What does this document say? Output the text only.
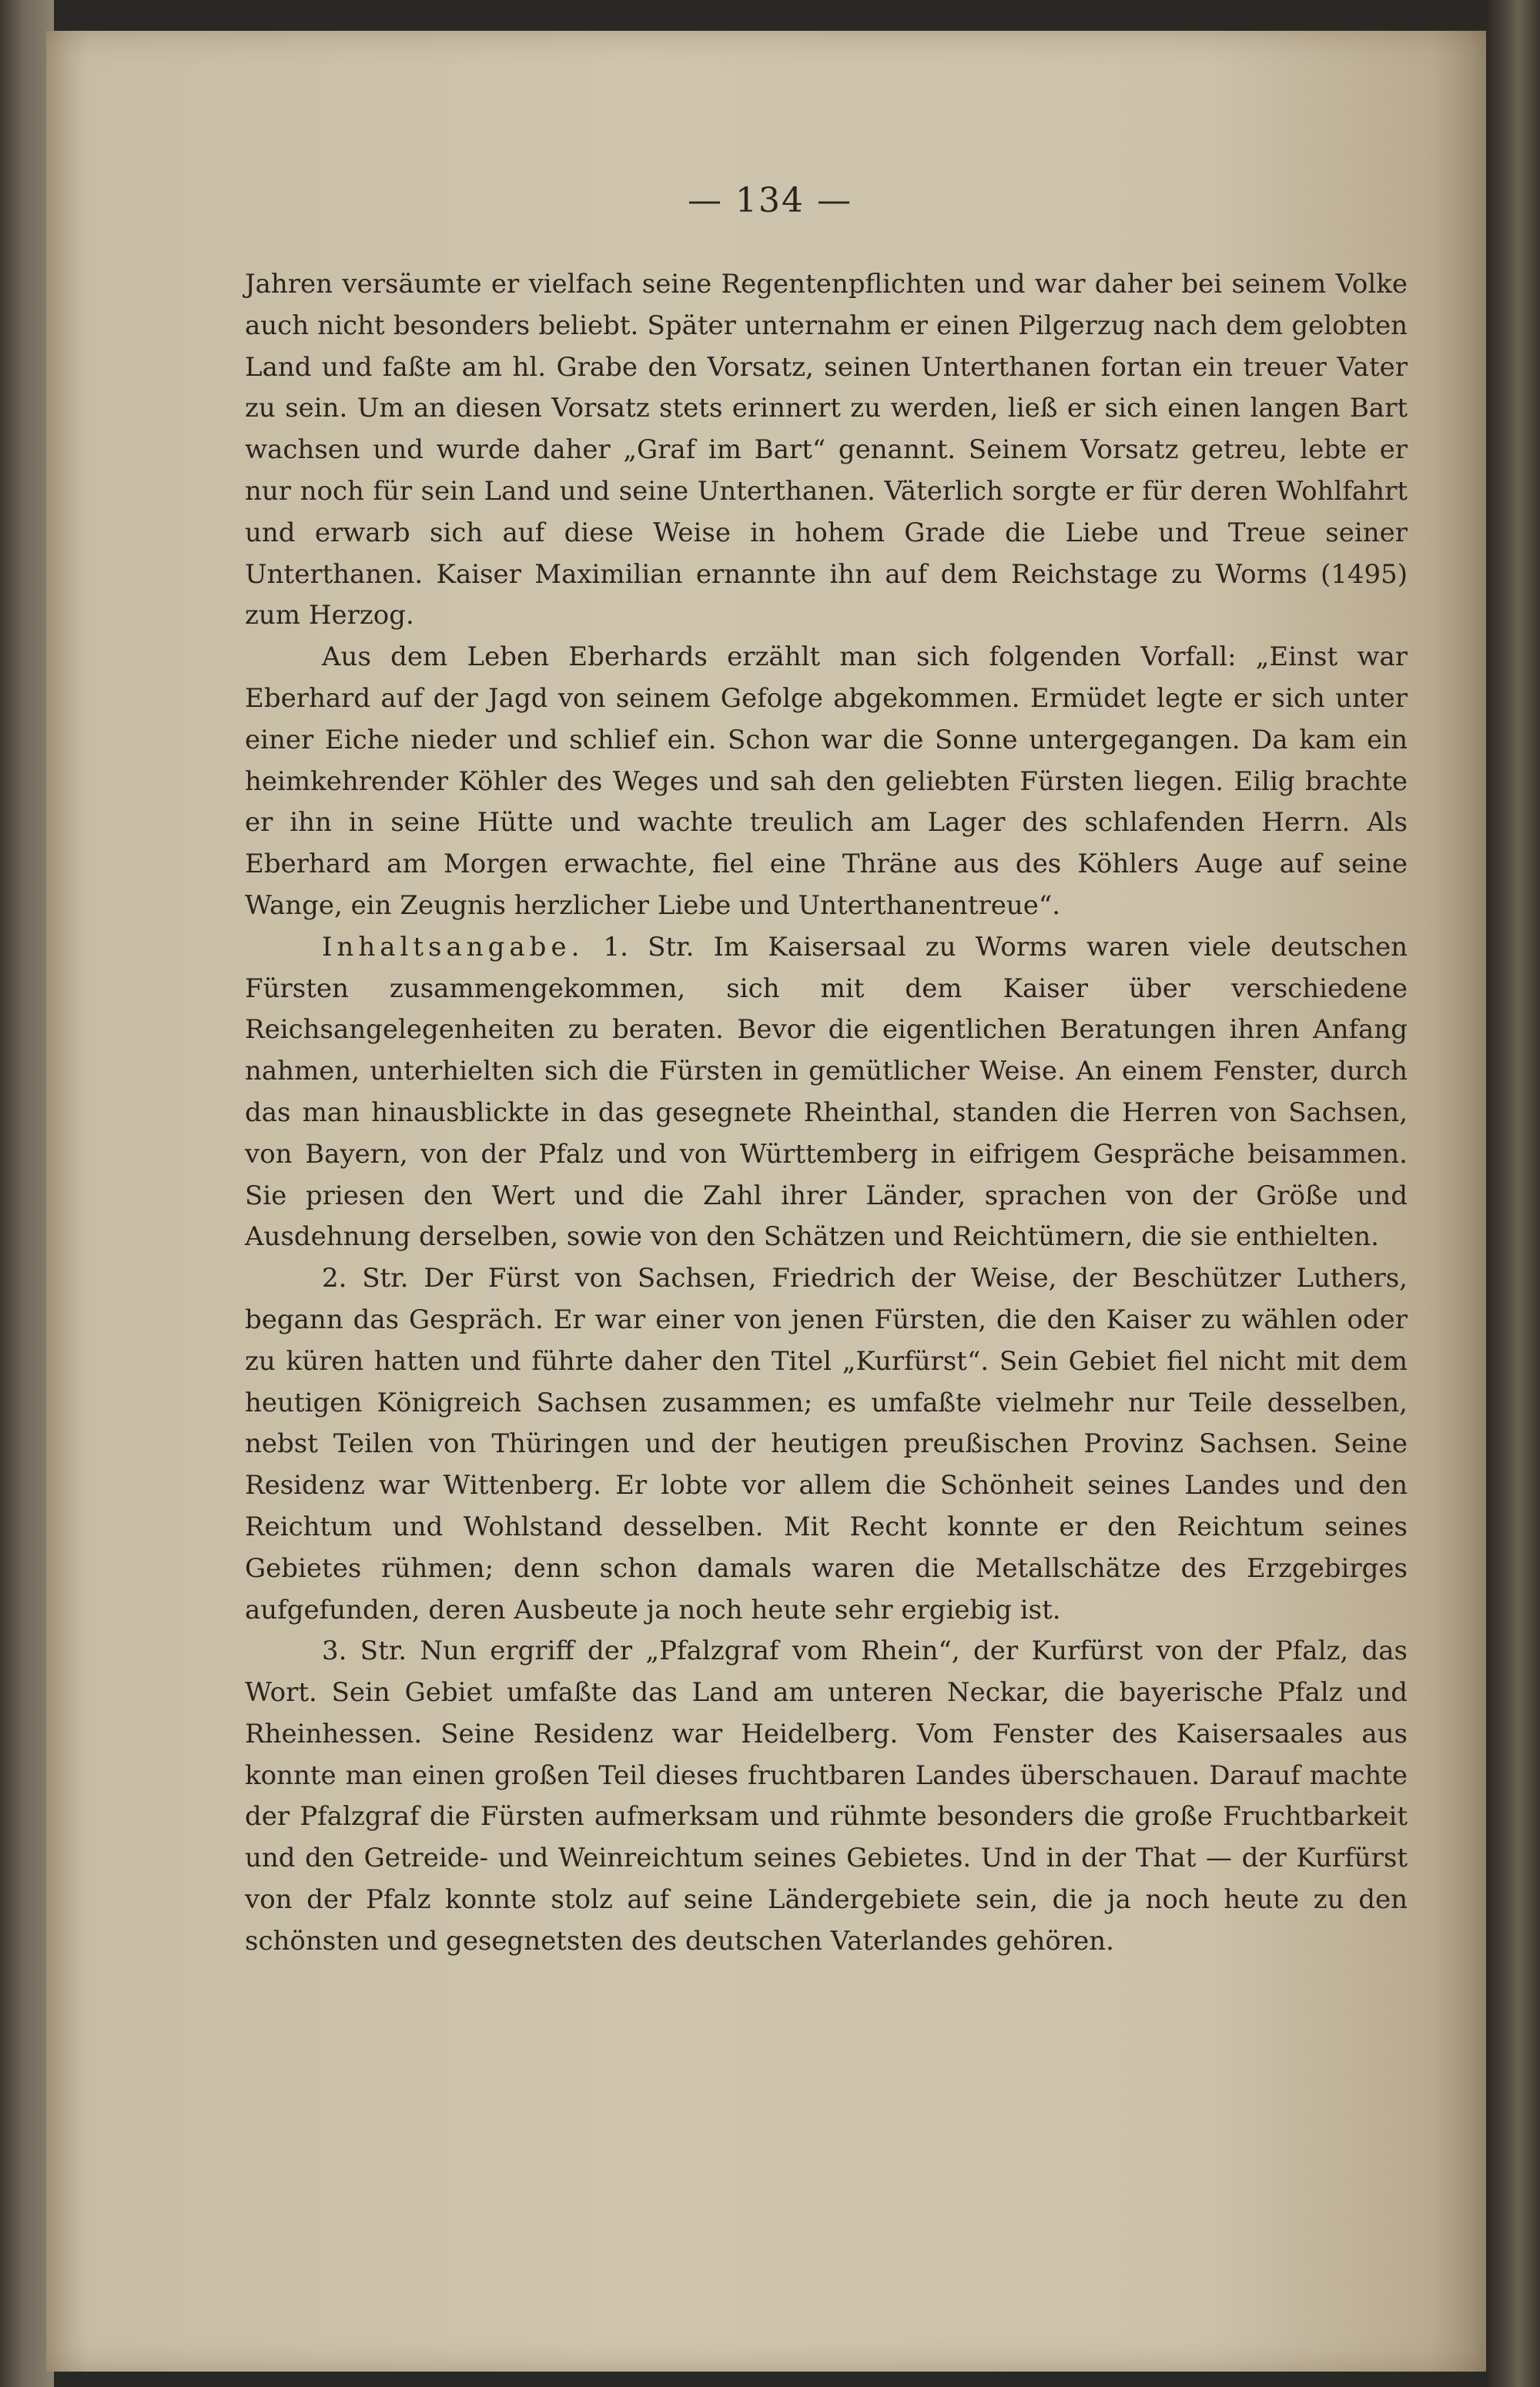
— 134 —

Jahren versäumte er vielfach seine Regentenpflichten und war daher bei seinem Volke auch nicht besonders beliebt. Später unternahm er einen Pilgerzug nach dem gelobten Land und faßte am hl. Grabe den Vorsatz, seinen Unterthanen fortan ein treuer Vater zu sein. Um an diesen Vorsatz stets erinnert zu werden, ließ er sich einen langen Bart wachsen und wurde daher „Graf im Bart“ genannt. Seinem Vorsatz getreu, lebte er nur noch für sein Land und seine Unterthanen. Väterlich sorgte er für deren Wohlfahrt und erwarb sich auf diese Weise in hohem Grade die Liebe und Treue seiner Unterthanen. Kaiser Maximilian ernannte ihn auf dem Reichstage zu Worms (1495) zum Herzog.

Aus dem Leben Eberhards erzählt man sich folgenden Vorfall: „Einst war Eberhard auf der Jagd von seinem Gefolge abgekommen. Ermüdet legte er sich unter einer Eiche nieder und schlief ein. Schon war die Sonne untergegangen. Da kam ein heimkehrender Köhler des Weges und sah den geliebten Fürsten liegen. Eilig brachte er ihn in seine Hütte und wachte treulich am Lager des schlafenden Herrn. Als Eberhard am Morgen erwachte, fiel eine Thräne aus des Köhlers Auge auf seine Wange, ein Zeugnis herzlicher Liebe und Unterthanentreue“.

Inhaltsangabe. 1. Str. Im Kaisersaal zu Worms waren viele deutschen Fürsten zusammengekommen, sich mit dem Kaiser über verschiedene Reichsangelegenheiten zu beraten. Bevor die eigentlichen Beratungen ihren Anfang nahmen, unterhielten sich die Fürsten in gemütlicher Weise. An einem Fenster, durch das man hinausblickte in das gesegnete Rheinthal, standen die Herren von Sachsen, von Bayern, von der Pfalz und von Württemberg in eifrigem Gespräche beisammen. Sie priesen den Wert und die Zahl ihrer Länder, sprachen von der Größe und Ausdehnung derselben, sowie von den Schätzen und Reichtümern, die sie enthielten.

2. Str. Der Fürst von Sachsen, Friedrich der Weise, der Beschützer Luthers, begann das Gespräch. Er war einer von jenen Fürsten, die den Kaiser zu wählen oder zu küren hatten und führte daher den Titel „Kurfürst“. Sein Gebiet fiel nicht mit dem heutigen Königreich Sachsen zusammen; es umfaßte vielmehr nur Teile desselben, nebst Teilen von Thüringen und der heutigen preußischen Provinz Sachsen. Seine Residenz war Wittenberg. Er lobte vor allem die Schönheit seines Landes und den Reichtum und Wohlstand desselben. Mit Recht konnte er den Reichtum seines Gebietes rühmen; denn schon damals waren die Metallschätze des Erzgebirges aufgefunden, deren Ausbeute ja noch heute sehr ergiebig ist.

3. Str. Nun ergriff der „Pfalzgraf vom Rhein“, der Kurfürst von der Pfalz, das Wort. Sein Gebiet umfaßte das Land am unteren Neckar, die bayerische Pfalz und Rheinhessen. Seine Residenz war Heidelberg. Vom Fenster des Kaisersaales aus konnte man einen großen Teil dieses fruchtbaren Landes überschauen. Darauf machte der Pfalzgraf die Fürsten aufmerksam und rühmte besonders die große Fruchtbarkeit und den Getreide- und Weinreichtum seines Gebietes. Und in der That — der Kurfürst von der Pfalz konnte stolz auf seine Ländergebiete sein, die ja noch heute zu den schönsten und gesegnetsten des deutschen Vaterlandes gehören.
